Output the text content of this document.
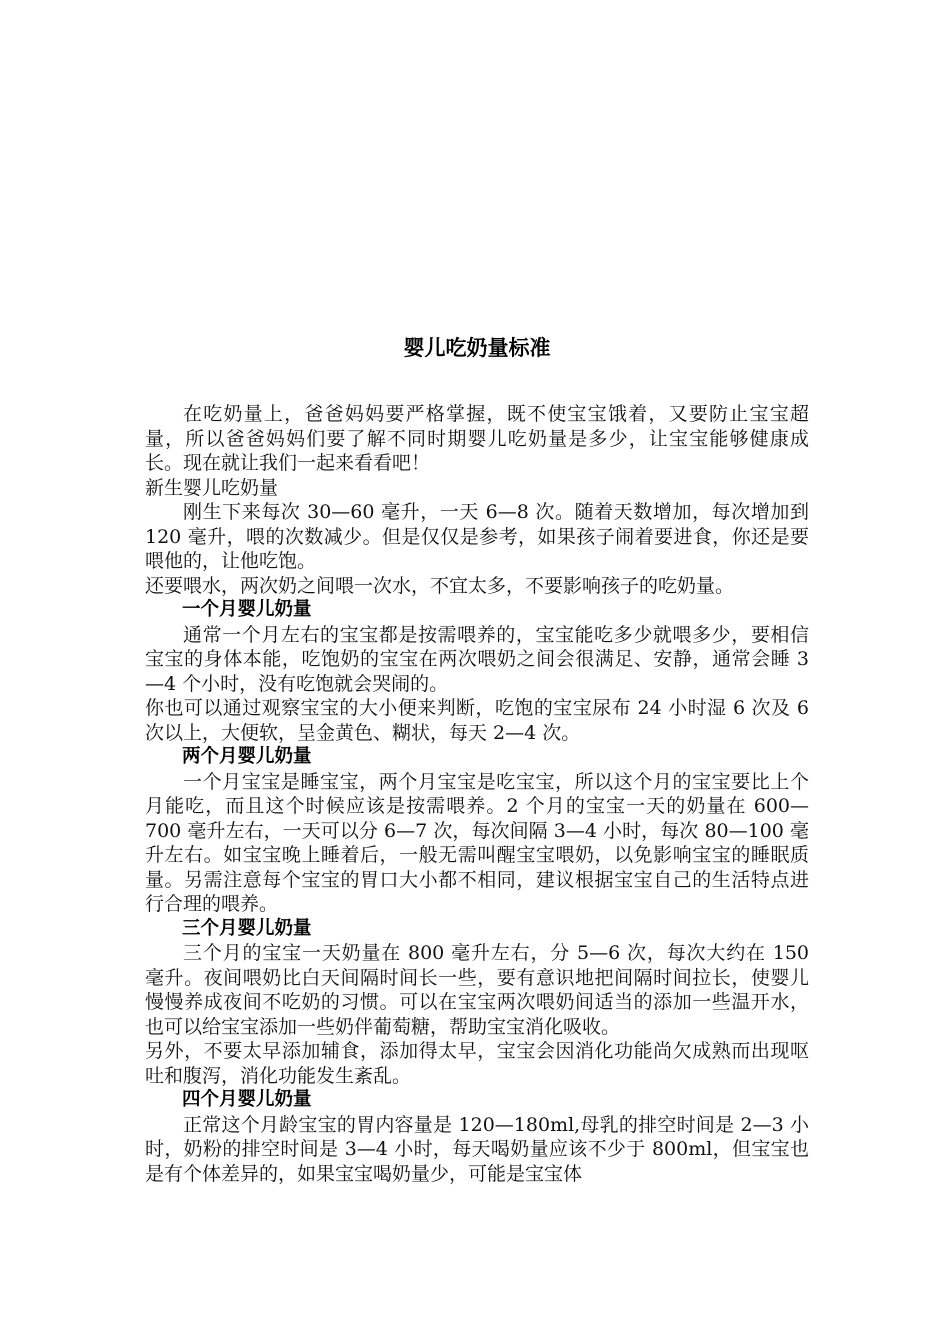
婴儿吃奶量标准

在吃奶量上，爸爸妈妈要严格掌握，既不使宝宝饿着，又要防止宝宝超量，所以爸爸妈妈们要了解不同时期婴儿吃奶量是多少，让宝宝能够健康成长。现在就让我们一起来看看吧！

新生婴儿吃奶量

刚生下来每次 30—60 毫升，一天 6—8 次。随着天数增加，每次增加到 120 毫升，喂的次数减少。但是仅仅是参考，如果孩子闹着要进食，你还是要喂他的，让他吃饱。

还要喂水，两次奶之间喂一次水，不宜太多，不要影响孩子的吃奶量。

一个月婴儿奶量

通常一个月左右的宝宝都是按需喂养的，宝宝能吃多少就喂多少，要相信宝宝的身体本能，吃饱奶的宝宝在两次喂奶之间会很满足、安静，通常会睡 3—4 个小时，没有吃饱就会哭闹的。

你也可以通过观察宝宝的大小便来判断，吃饱的宝宝尿布 24 小时湿 6 次及 6 次以上，大便软，呈金黄色、糊状，每天 2—4 次。

两个月婴儿奶量

一个月宝宝是睡宝宝，两个月宝宝是吃宝宝，所以这个月的宝宝要比上个月能吃，而且这个时候应该是按需喂养。2 个月的宝宝一天的奶量在 600—700 毫升左右，一天可以分 6—7 次，每次间隔 3—4 小时，每次 80—100 毫升左右。如宝宝晚上睡着后，一般无需叫醒宝宝喂奶，以免影响宝宝的睡眠质量。另需注意每个宝宝的胃口大小都不相同，建议根据宝宝自己的生活特点进行合理的喂养。

三个月婴儿奶量

三个月的宝宝一天奶量在 800 毫升左右，分 5—6 次，每次大约在 150 毫升。夜间喂奶比白天间隔时间长一些，要有意识地把间隔时间拉长，使婴儿慢慢养成夜间不吃奶的习惯。可以在宝宝两次喂奶间适当的添加一些温开水，也可以给宝宝添加一些奶伴葡萄糖，帮助宝宝消化吸收。

另外，不要太早添加辅食，添加得太早，宝宝会因消化功能尚欠成熟而出现呕吐和腹泻，消化功能发生紊乱。

四个月婴儿奶量

正常这个月龄宝宝的胃内容量是 120—180ml,母乳的排空时间是 2—3 小时，奶粉的排空时间是 3—4 小时，每天喝奶量应该不少于 800ml，但宝宝也是有个体差异的，如果宝宝喝奶量少，可能是宝宝体
